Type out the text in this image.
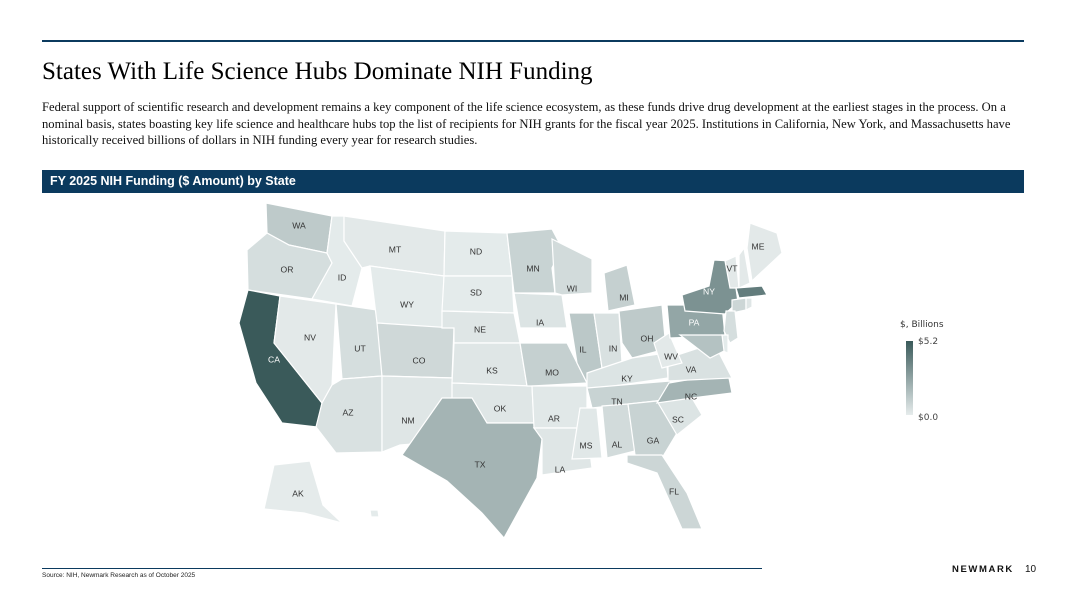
States With Life Science Hubs Dominate NIH Funding

Federal support of scientific research and development remains a key component of the life science ecosystem, as these funds drive drug development at the earliest stages in the process. On a nominal basis, states boasting key life science and healthcare hubs top the list of recipients for NIH grants for the fiscal year 2025. Institutions in California, New York, and Massachusetts have historically received billions of dollars in NIH funding every year for research studies.

FY 2025 NIH Funding ($ Amount) by State
WA
OR
CA
ID
NV
UT
AZ
MT
WY
CO
NM
ND
SD
NE
KS
OK
TX
MN
IA
MO
AR
LA
WI
IL
MI
IN
OH
KY
TN
MS AL	GA
FL
SC
NC
VA
WV
PA
NY
VT
ME
AK
$, Billions
$5.2
$0.0
Source: NIH, Newmark Research as of October 2025
NEWMARK 10
